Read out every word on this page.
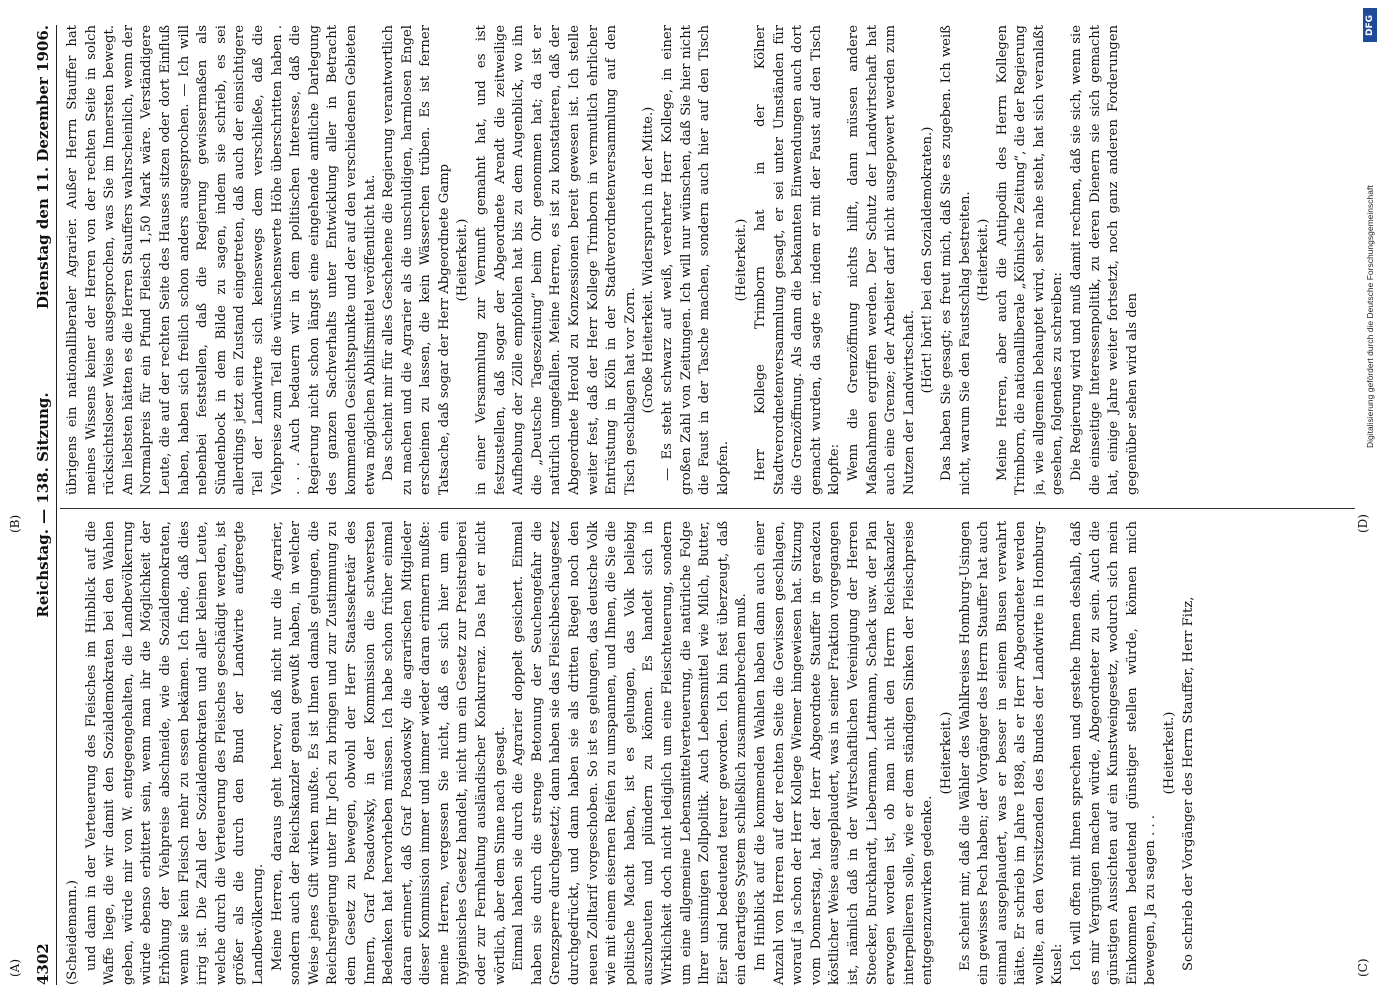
4302
Reichstag. — 138. Sitzung.
Dienstag den 11. Dezember 1906.
(A)	(C)
(B)	(D)

(Scheidemann.) und dann in der Verteuerung des Fleisches im Hinblick auf die Waffe liege, die wir damit den Sozialdemokraten bei den Wahlen geben, würde mir von W. entgegengehalten, die Landbevölkerung würde ebenso erbittert sein, wenn man ihr die Möglichkeit der Erhöhung der Viehpreise abschneide, wie die Sozialdemokraten, wenn sie kein Fleisch mehr zu essen bekämen. Ich finde, daß dies irrig ist. Die Zahl der Sozialdemokraten und aller kleinen Leute, welche durch die Verteuerung des Fleisches geschädigt werden, ist größer als die durch den Bund der Landwirte aufgeregte Landbevölkerung. Meine Herren, daraus geht hervor, daß nicht nur die Agrarier, sondern auch der Reichskanzler genau gewußt haben, in welcher Weise jenes Gift wirken mußte. Es ist Ihnen damals gelungen, die Reichsregierung unter Ihr Joch zu bringen und zur Zustimmung zu dem Gesetz zu bewegen, obwohl der Herr Staatssekretär des Innern, Graf Posadowsky, in der Kommission die schwersten Bedenken hat hervorheben müssen. Ich habe schon früher einmal daran erinnert, daß Graf Posadowsky die agrarischen Mitglieder dieser Kommission immer und immer wieder daran erinnern mußte: meine Herren, vergessen Sie nicht, daß es sich hier um ein hygienisches Gesetz handelt, nicht um ein Gesetz zur Preistreiberei oder zur Fernhaltung ausländischer Konkurrenz. Das hat er nicht wörtlich, aber dem Sinne nach gesagt. Einmal haben sie durch die Agrarier doppelt gesichert. Einmal haben sie durch die strenge Betonung der Seuchengefahr die Grenzsperre durchgesetzt; dann haben sie das Fleischbeschaugesetz durchgedrückt, und dann haben sie als dritten Riegel noch den neuen Zolltarif vorgeschoben. So ist es gelungen, das deutsche Volk wie mit einem eisernen Reifen zu umspannen, und Ihnen, die Sie die politische Macht haben, ist es gelungen, das Volk beliebig auszubeuten und plündern zu können. Es handelt sich in Wirklichkeit doch nicht lediglich um eine Fleischteuerung, sondern um eine allgemeine Lebensmittelverteuerung, die natürliche Folge Ihrer unsinnigen Zollpolitik. Auch Lebensmittel wie Milch, Butter, Eier sind bedeutend teurer geworden. Ich bin fest überzeugt, daß ein derartiges System schließlich zusammenbrechen muß. Im Hinblick auf die kommenden Wahlen haben dann auch einer Anzahl von Herren auf der rechten Seite die Gewissen geschlagen, worauf ja schon der Herr Kollege Wiemer hingewiesen hat. Sitzung vom Donnerstag, hat der Herr Abgeordnete Stauffer in geradezu köstlicher Weise ausgeplaudert, was in seiner Fraktion vorgegangen ist, nämlich daß in der Wirtschaftlichen Vereinigung der Herren Stoecker, Burckhardt, Liebermann, Lattmann, Schack usw. der Plan erwogen worden ist, ob man nicht den Herrn Reichskanzler interpellieren solle, wie er dem ständigen Sinken der Fleischpreise entgegenzuwirken gedenke.

(Heiterkeit.) Es scheint mir, daß die Wähler des Wahlkreises Homburg-Usingen ein gewisses Pech haben; der Vorgänger des Herrn Stauffer hat auch einmal ausgeplaudert, was er besser in seinem Busen verwahrt hätte. Er schrieb im Jahre 1898, als er Herr Abgeordneter werden wollte, an den Vorsitzenden des Bundes der Landwirte in Homburg-Kusel: Ich will offen mit Ihnen sprechen und gestehe Ihnen deshalb, daß es mir Vergnügen machen würde, Abgeordneter zu sein. Auch die günstigen Aussichten auf ein Kunstweingesetz, wodurch sich mein Einkommen bedeutend günstiger stellen würde, können mich bewegen, Ja zu sagen . . .

(Heiterkeit.) So schrieb der Vorgänger des Herrn Stauffer, Herr Fitz,

übrigens ein nationalliberaler Agrarier. Außer Herrn Stauffer hat meines Wissens keiner der Herren von der rechten Seite in solch rücksichtsloser Weise ausgesprochen, was Sie im Innersten bewegt. Am liebsten hätten es die Herren Stauffers wahrscheinlich, wenn der Normalpreis für ein Pfund Fleisch 1,50 Mark wäre. Verständigere Leute, die auf der rechten Seite des Hauses sitzen oder dort Einfluß haben, haben sich freilich schon anders ausgesprochen. — Ich will nebenbei feststellen, daß die Regierung gewissermaßen als Sündenbock in dem Bilde zu sagen, indem sie schrieb, es sei allerdings jetzt ein Zustand eingetreten, daß auch der einsichtigere Teil der Landwirte sich keineswegs dem verschließe, daß die Viehpreise zum Teil die wünschenswerte Höhe überschritten haben . . . . Auch bedauern wir in dem politischen Interesse, daß die Regierung nicht schon längst eine eingehende amtliche Darlegung des ganzen Sachverhalts unter Entwicklung aller in Betracht kommenden Gesichtspunkte und der auf den verschiedenen Gebieten etwa möglichen Abhilfsmittel veröffentlicht hat. Das scheint mir für alles Geschehene die Regierung verantwortlich zu machen und die Agrarier als die unschuldigen, harmlosen Engel erscheinen zu lassen, die kein Wässerchen trüben. Es ist ferner Tatsache, daß sogar der Herr Abgeordnete Gamp (Heiterkeit.) in einer Versammlung zur Vernunft gemahnt hat, und es ist festzustellen, daß sogar der Abgeordnete Arendt die zeitweilige Aufhebung der Zölle empfohlen hat bis zu dem Augenblick, wo ihn die „Deutsche Tageszeitung“ beim Ohr genommen hat; da ist er natürlich umgefallen. Meine Herren, es ist zu konstatieren, daß der Abgeordnete Herold zu Konzessionen bereit gewesen ist. Ich stelle weiter fest, daß der Herr Kollege Trimborn in vermutlich ehrlicher Entrüstung in Köln in der Stadtverordnetenversammlung auf den Tisch geschlagen hat vor Zorn. (Große Heiterkeit. Widerspruch in der Mitte.) — Es steht schwarz auf weiß, verehrter Herr Kollege, in einer großen Zahl von Zeitungen. Ich will nur wünschen, daß Sie hier nicht die Faust in der Tasche machen, sondern auch hier auf den Tisch klopfen.

(Heiterkeit.) Herr Kollege Trimborn hat in der Kölner Stadtverordnetenversammlung gesagt, er sei unter Umständen für die Grenzöffnung. Als dann die bekannten Einwendungen auch dort gemacht wurden, da sagte er, indem er mit der Faust auf den Tisch klopfte: Wenn die Grenzöffnung nichts hilft, dann müssen andere Maßnahmen ergriffen werden. Der Schutz der Landwirtschaft hat auch eine Grenze; der Arbeiter darf nicht ausgepowert werden zum Nutzen der Landwirtschaft.

(Hört! hört! bei den Sozialdemokraten.) Das haben Sie gesagt; es freut mich, daß Sie es zugeben. Ich weiß nicht, warum Sie den Faustschlag bestreiten. (Heiterkeit.) Meine Herren, aber auch die Antipodin des Herrn Kollegen Trimborn, die nationalliberale „Kölnische Zeitung“, die der Regierung ja, wie allgemein behauptet wird, sehr nahe steht, hat sich veranlaßt gesehen, folgendes zu schreiben: Die Regierung wird und muß damit rechnen, daß sie sich, wenn sie die einseitige Interessenpolitik, zu deren Dienern sie sich gemacht hat, einige Jahre weiter fortsetzt, noch ganz anderen Forderungen gegenüber sehen wird als den

DFG
Digitalisierung gefördert durch die Deutsche Forschungsgemeinschaft
